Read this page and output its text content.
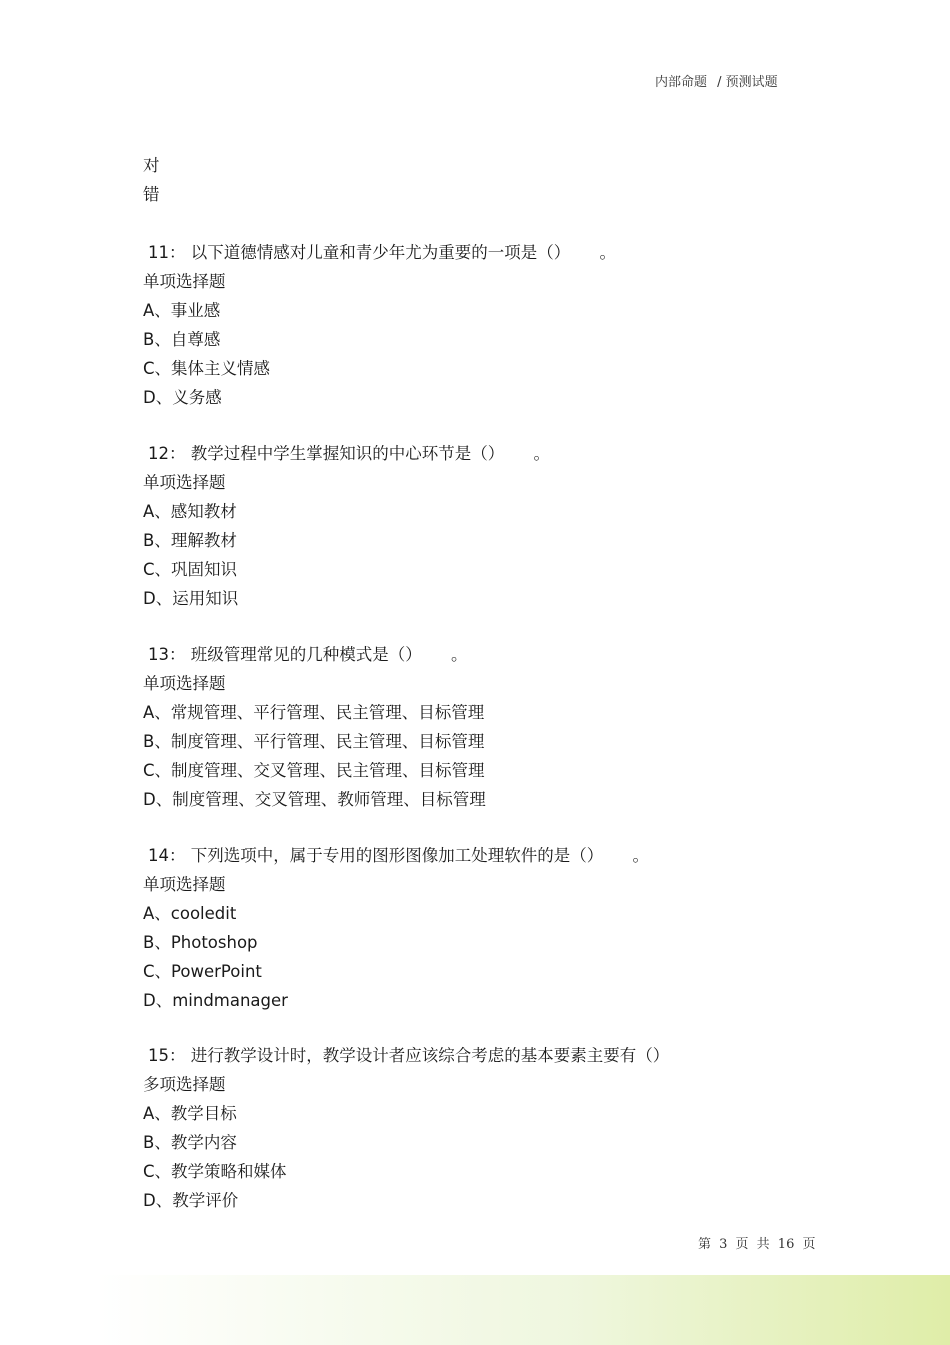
内部命题 / 预测试题
对
错
11： 以下道德情感对儿童和青少年尤为重要的一项是（） 。
单项选择题
A、事业感
B、自尊感
C、集体主义情感
D、义务感
12： 教学过程中学生掌握知识的中心环节是（） 。
单项选择题
A、感知教材
B、理解教材
C、巩固知识
D、运用知识
13： 班级管理常见的几种模式是（） 。
单项选择题
A、常规管理、平行管理、民主管理、目标管理
B、制度管理、平行管理、民主管理、目标管理
C、制度管理、交叉管理、民主管理、目标管理
D、制度管理、交叉管理、教师管理、目标管理
14： 下列选项中，属于专用的图形图像加工处理软件的是（） 。
单项选择题
A、cooledit
B、Photoshop
C、PowerPoint
D、mindmanager
15： 进行教学设计时，教学设计者应该综合考虑的基本要素主要有（）
多项选择题
A、教学目标
B、教学内容
C、教学策略和媒体
D、教学评价
第 3 页 共 16 页
